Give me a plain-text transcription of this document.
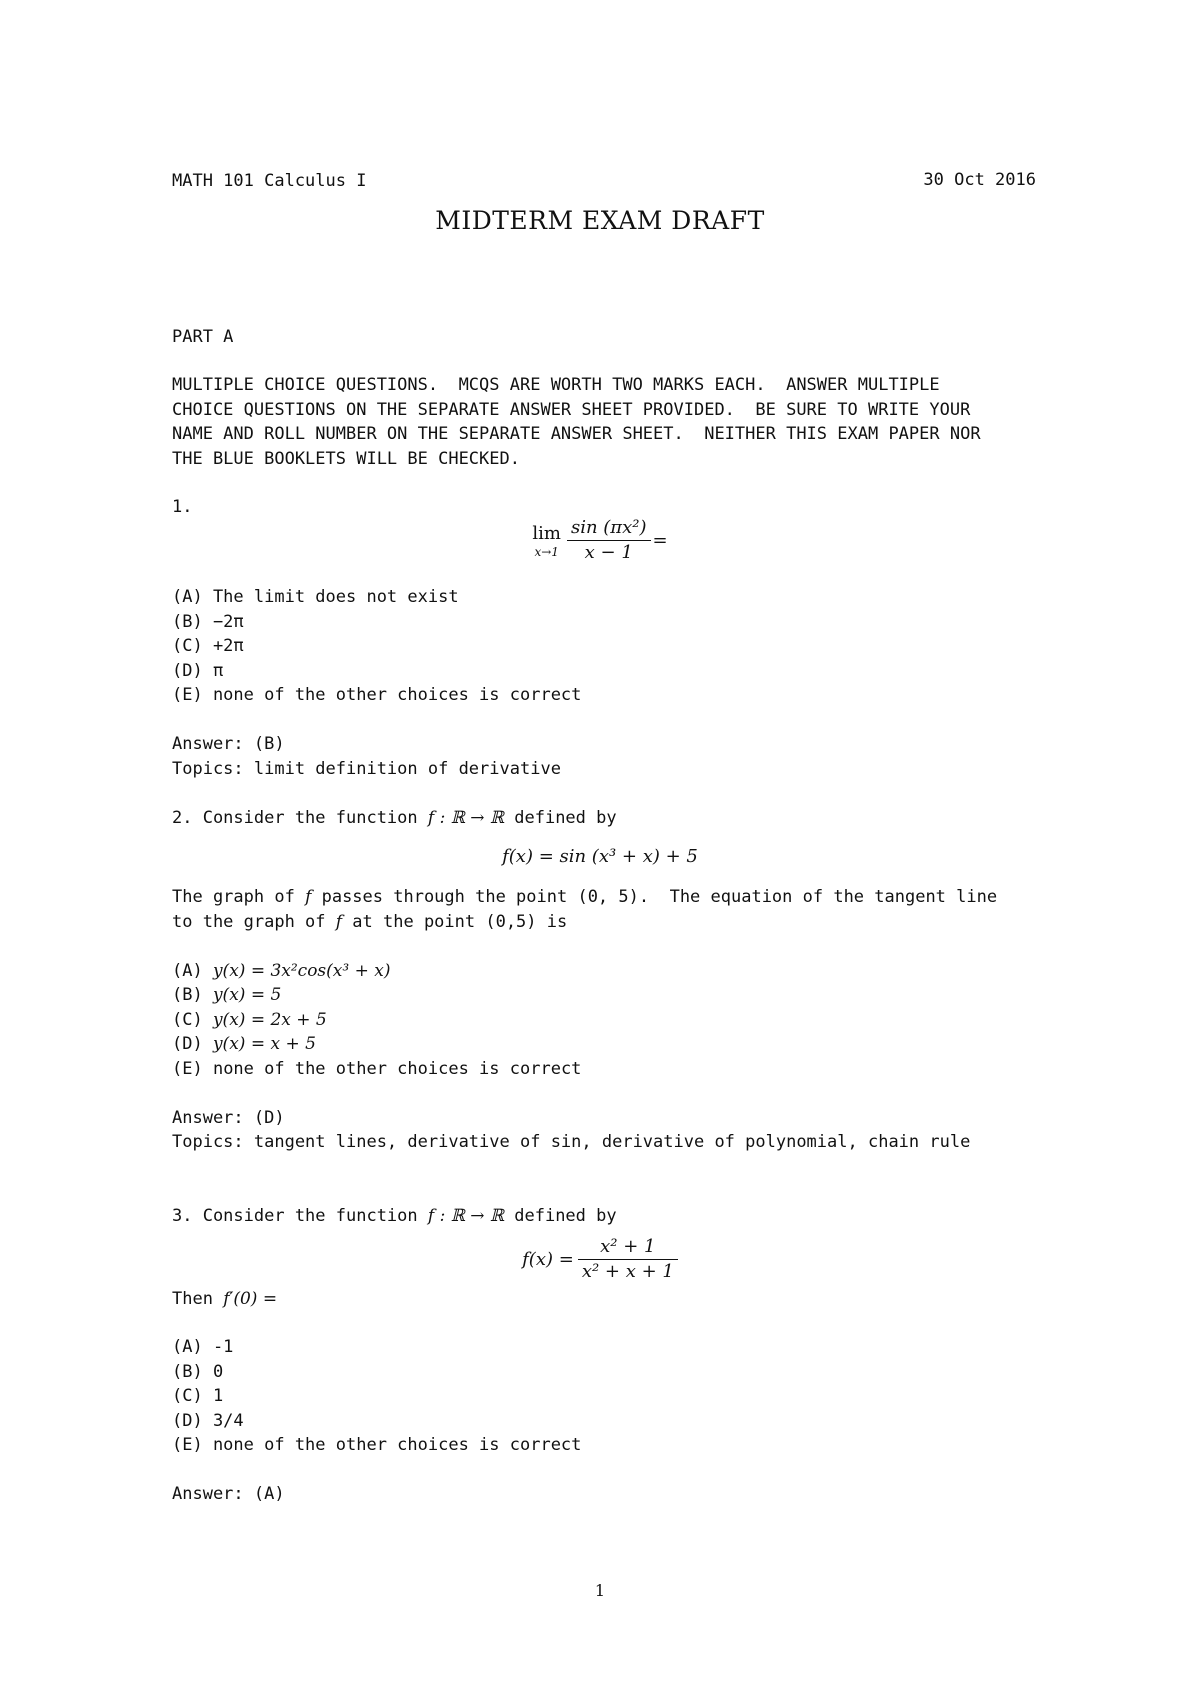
MATH 101 Calculus I	30 Oct 2016
MIDTERM EXAM DRAFT
PART A
MULTIPLE CHOICE QUESTIONS.  MCQS ARE WORTH TWO MARKS EACH.  ANSWER MULTIPLE
CHOICE QUESTIONS ON THE SEPARATE ANSWER SHEET PROVIDED.  BE SURE TO WRITE YOUR
NAME AND ROLL NUMBER ON THE SEPARATE ANSWER SHEET.  NEITHER THIS EXAM PAPER NOR
THE BLUE BOOKLETS WILL BE CHECKED.
1.
lim
$x\to 1 \frac{\text{sin (πx²)}}{x - 1}$ =
(A) The limit does not exist
(B) −2π
(C) +2π
(D) π
(E) none of the other choices is correct
Answer: (B)
Topics: limit definition of derivative
2. Consider the function f : ℝ → ℝ defined by
f(x) = sin (x³ + x) + 5
The graph of f passes through the point (0, 5).  The equation of the tangent line
to the graph of f at the point (0,5) is
(A) y(x) = 3x²cos(x³ + x)
(B) y(x) = 5
(C) y(x) = 2x + 5
(D) y(x) = x + 5
(E) none of the other choices is correct
Answer: (D)
Topics: tangent lines, derivative of sin, derivative of polynomial, chain rule
3. Consider the function f : ℝ → ℝ defined by
$f(x) = \frac{\text{x² + 1}}{\text{x² + x + 1}}$
Then f′(0) =
(A) -1
(B) 0
(C) 1
(D) 3/4
(E) none of the other choices is correct
Answer: (A)
1
